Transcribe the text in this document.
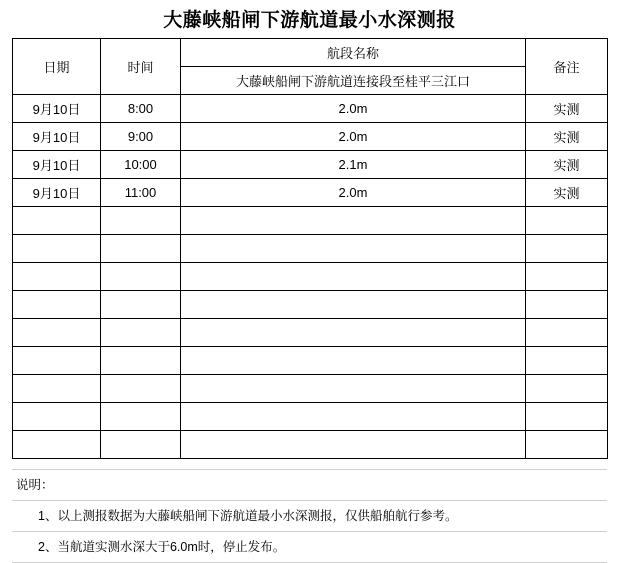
大藤峡船闸下游航道最小水深测报
日期	时间	航段名称	备注
		大藤峡船闸下游航道连接段至桂平三江口	
9月10日	8:00	2.0m	实测
9月10日	9:00	2.0m	实测
9月10日	10:00	2.1m	实测
9月10日	11:00	2.0m	实测

说明：
1、以上测报数据为大藤峡船闸下游航道最小水深测报，仅供船舶航行参考。
2、当航道实测水深大于6.0m时，停止发布。
